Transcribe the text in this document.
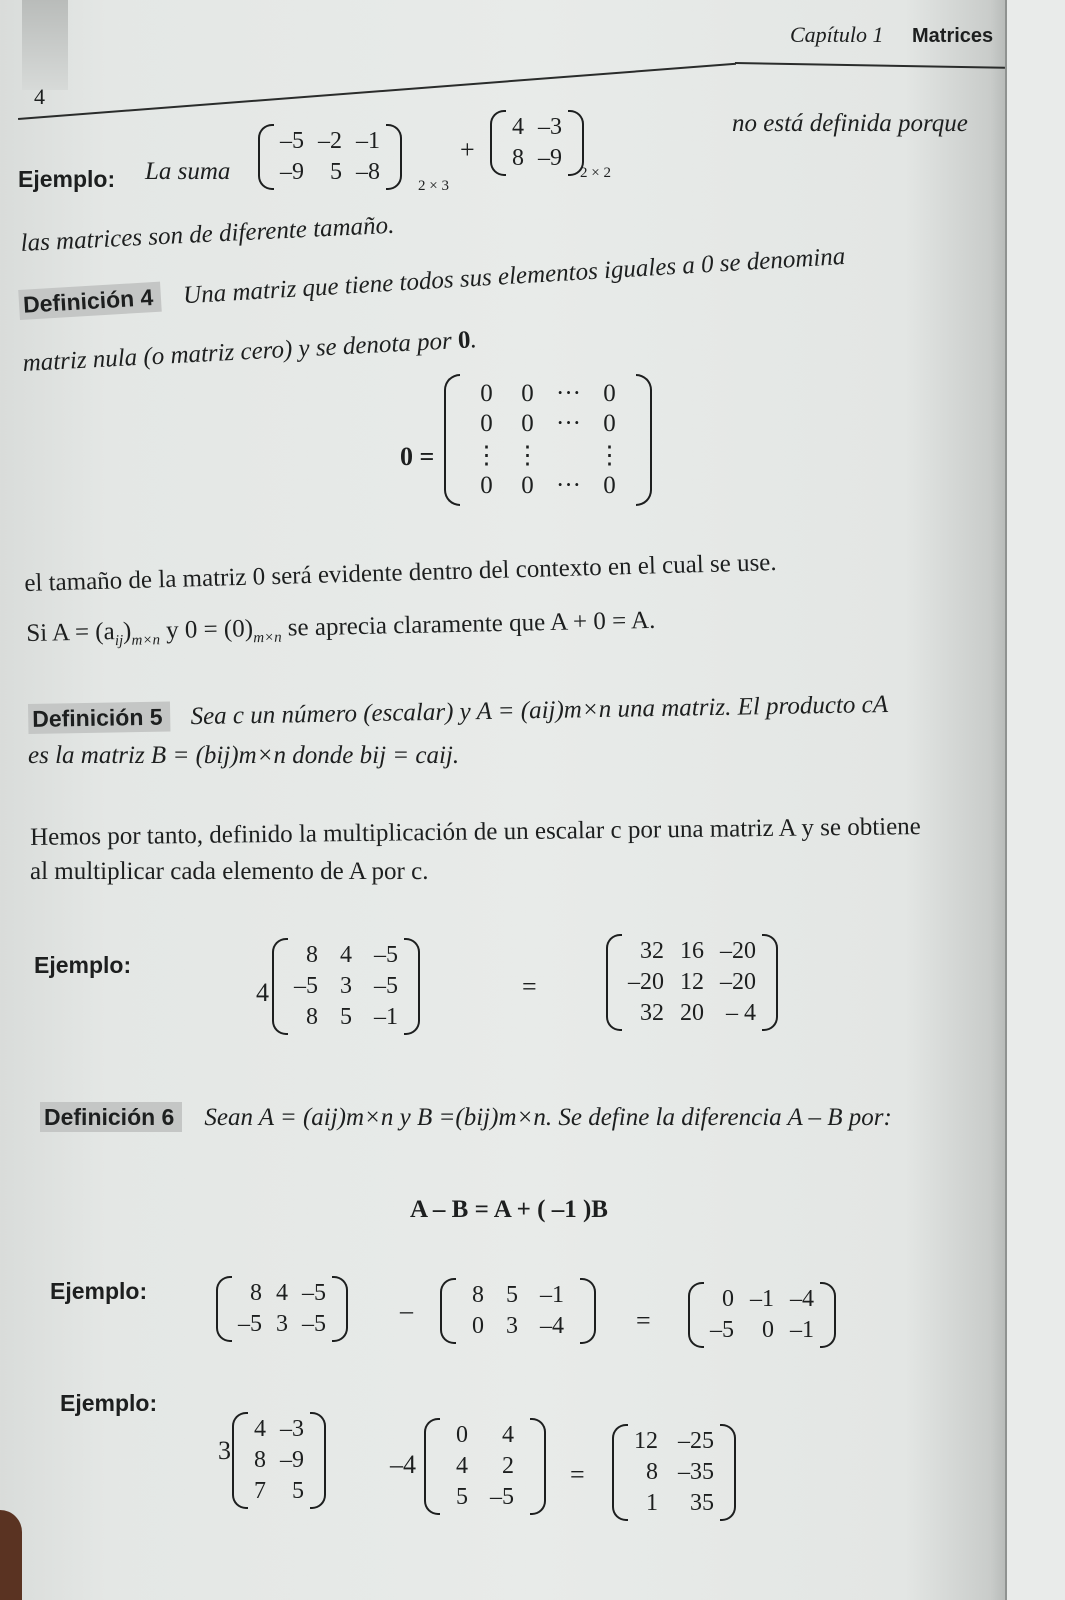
4
Capítulo 1 Matrices
Ejemplo: La suma
–5 –2 –1
–9	5 –8
2 × 3
+
4 –3
8 –9
2 × 2
no está definida porque
las matrices son de diferente tamaño.
Definición 4 Una matriz que tiene todos sus elementos iguales a 0 se denomina
matriz nula (o matriz cero) y se denota por 0.
0 =
0 0 ··· 0
0 0 ··· 0
⋮ ⋮ ⋮
0 0 ··· 0
el tamaño de la matriz 0 será evidente dentro del contexto en el cual se use.
Si $A = (a_{ij})_{m\times n}$ y $0 = (0)_{m\times n}$ se aprecia claramente que A + 0 = A.
Definición 5 Sea c un número (escalar) y A = (aij)m×n una matriz. El producto cA
es la matriz B = (bij)m×n donde bij = caij.
Hemos por tanto, definido la multiplicación de un escalar c por una matriz A y se obtiene
al multiplicar cada elemento de A por c.
Ejemplo:
4
8 4 –5
–5 3 –5
8 5 –1
=
32 16 –20
–20 12 –20
32 20 – 4
Definición 6 Sean A = (aij)m×n y B =(bij)m×n. Se define la diferencia A – B por:
A – B = A + ( –1 )B
Ejemplo:	8 4 –5
–5 3 –5	–
8 5 –1
0 3 –4	=
0 –1 –4
–5	0 –1
Ejemplo:
3
4 –3
8 –9
7	5
–4
0	4
4	2
5 –5
=
12 –25
8 –35
1	35
